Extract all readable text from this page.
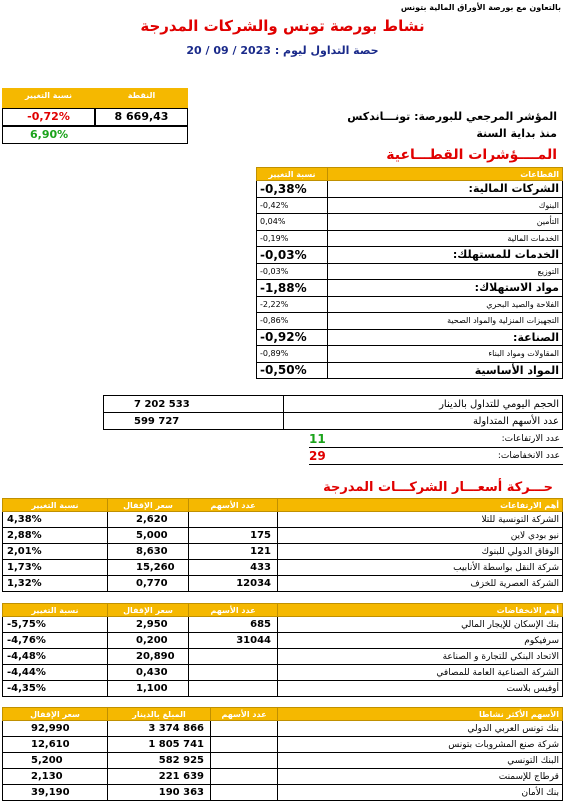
بالتعاون مع بورصة الأوراق المالية بتونس
نشاط بورصة تونس والشركات المدرجة
حصة التداول ليوم : 20 / 09 / 2023
نسبة التغيير	النقطة
-0,72%	8 669,43
6,90%
المؤشر المرجعي للبورصة: تونـــاندكس
منذ بداية السنة
المــــؤشرات القطـــاعية
نسبة التغيير	القطاعات
-0,38%	الشركات المالية:
-0,42%	البنوك
0,04%	التأمين
-0,19%	الخدمات المالية
-0,03%	الخدمات للمستهلك:
-0,03%	التوزيع
-1,88%	مواد الاستهلاك:
-2,22%	الفلاحة والصيد البحري
-0,86%	التجهيزات المنزلية والمواد الصحية
-0,92%	الصناعة:
-0,89%	المقاولات ومواد البناء
-0,50%	المواد الأساسية
7 202 533	الحجم اليومي للتداول بالدينار
599 727	عدد الأسهم المتداولة
11	عدد الارتفاعات:
29	عدد الانخفاضات:
حـــركة أسعـــار الشركـــات المدرجة
نسبة التغيير	سعر الإقفال	عدد الأسهم	أهم الارتفاعات
4,38%	2,620		الشركة التونسية للتلا
2,88%	5,000	175	نيو بودي لاين
2,01%	8,630	121	الوفاق الدولي للبنوك
1,73%	15,260	433	شركة النقل بواسطة الأنابيب
1,32%	0,770	12034	الشركة العصرية للخزف
نسبة التغيير	سعر الإقفال	عدد الأسهم	أهم الانخفاضات
-5,75%	2,950	685	بنك الإسكان للإيجار المالي
-4,76%	0,200	31044	سرفيكوم
-4,48%	20,890		الاتحاد البنكي للتجارة و الصناعة
-4,44%	0,430		الشركة الصناعية العامة للمصافي
-4,35%	1,100		أوفيس بلاست
سعر الإقفال	المبلغ بالدينار	عدد الأسهم	الأسهم الأكثر نشاطا
92,990	3 374 866		بنك تونس العربي الدولي
12,610	1 805 741		شركة صنع المشروبات بتونس
5,200	582 925		البنك التونسي
2,130	221 639		قرطاج للإسمنت
39,190	190 363		بنك الأمان
